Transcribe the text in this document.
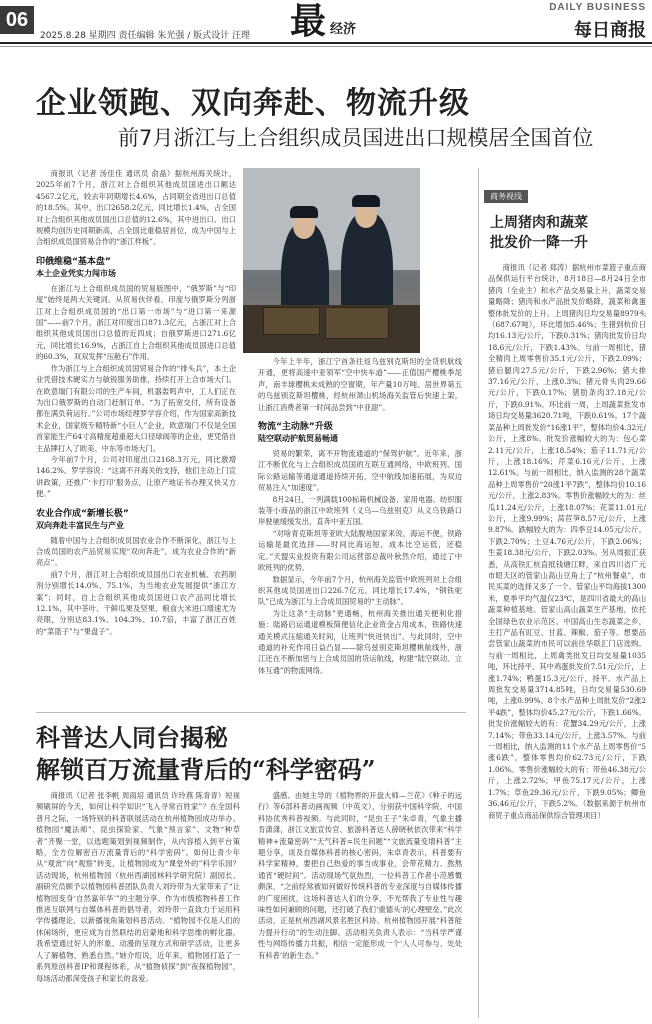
06
2025.8.28 星期四 责任编辑 朱光强 / 版式设计 汪理 最 经济
DAILY BUSINESS
每日商报
企业领跑、双向奔赴、物流升级
前7月浙江与上合组织成员国进出口规模居全国首位

商报讯（记者 汤佳佳 通讯员 俞晶）据杭州海关统计，2025年前7个月，浙江对上合组织其他成员国进出口额达4567.2亿元，较去年同期增长4.6%，占同期全省进出口总值的18.5%。其中，出口2658.2亿元，同比增长1.4%，占全国对上合组织其他成员国出口总值的12.6%，其中进出口、出口规模均创历史同期新高，占全国比重稳居首位，成为中国与上合组织成员国贸易合作的“浙江样板”。

印俄维稳“基本盘”
本土企业凭实力闯市场

在浙江与上合组织成员国的贸易版图中，“俄罗斯”与“印度”始终是两大关键词。从贸易伙伴看，印度与俄罗斯分列浙江对上合组织成员国的“出口第一市场”与“进口第一来源国”——前7个月，浙江对印度出口871.3亿元，占浙江对上合组织其他成员国出口总值的近四成；自俄罗斯进口271.6亿元，同比增长16.9%，占浙江自上合组织其他成员国进口总值的60.3%，双双发挥“压舱石”作用。

作为浙江与上合组织成员国贸易合作的“排头兵”，本土企业凭借技术硬实力与敏锐服务助推，持续打开上合市场大门。在欧意瑞门有限公司的生产车间，机器轰鸣声中，工人们正在为出口俄罗斯的自动门赶制订单。“为了拓宽交付，所有设备都在满负荷运行。”公司市场经理罗学容介绍，作为国家高新技术企业，国家级专精特新“小巨人”企业，欧意瑞门不仅是全国首家能生产64寸高精度超重超大口径球阀等的企业，更凭借自主品牌打入了欧美、中东等市场大门。

今年前7个月，公司对印度出口2168.3万元，同比激增146.2%。罗学容说：“这离不开海关的支持，他们主动上门宣讲政策，还推广‘卡打印’服务点，让原产地证书办理又快又方便。”

农业合作成“新增长极”
双向奔赴丰富民生与产业

随着中国与上合组织成员国农业合作不断深化，浙江与上合成员国的农产品贸易实现“双向奔赴”，成为农业合作的“新亮点”。

前7个月，浙江对上合组织成员国出口农业机械、农药制剂分别增长14.0%、75.1%，为当地农业发展提供“浙江方案”；同时，自上合组织其他成员国进口农产品同比增长12.1%，其中茶叶、干鲜瓜果及坚果、粮食大米进口增速尤为亮眼，分别达83.1%、104.3%、10.7倍，丰富了浙江百姓的“菜篮子”与“果盘子”。

今年上半年，浙江宁首条往返乌兹别克斯坦的全货机航线开通，更将高速中亚领军“空中快车道”——正值国产樱桃季尾声，南丰球樱桃未成熟的空窗期，年产量10万吨、居世界第五的乌兹别克斯坦樱桃，经杭州萧山机场海关监管后快速上架，让浙江消费者第一时间品尝到“中亚甜”。

物流“主动脉”升级
陆空联动护航贸易畅通

贸易的繁荣，离不开物流通道的“保驾护航”。近年来，浙江不断优化与上合组织成员国的互联互通网络，中欧班列、国际公路运输等通道通道持续开拓，空中航线加速拓展，为双边贸易注入“加速度”。

8月24日，一列满载100标箱机械设备、家用电器、纺织服装等小商品的浙江中欧班列（义乌—乌兹别克）从义乌铁路口岸驶驰缓缓发出，直奔中亚五国。

“对啥青克斯坦等亚欧大陆腹地国家来说，海运不便，铁路运输是最优选择——时间比海运短，成本比空运低，还稳定。”天盟实业投资有限公司运营部总裁叶秋然介绍，通过了中欧班列的优势。

数据显示，今年前7个月，杭州海关监管中欧班列对上合组织其他成员国进出口226.7亿元，同比增长17.4%，“钢铁驼队”已成为浙江与上合成员国贸易的“主动脉”。

为让这条“主动脉”更通畅，杭州海关推出通关便利化措施：陆路启运通道模板简便信化企业资金占用成本，铁路快速通关模式压缩通关时间，让班列“快进快出”。与此同时，空中通道的补充作用日益凸显——除乌兹别克斯坦樱桃航线外，浙江还在不断加密与上合成员国的货运航线，构建“陆空联动、立体互通”的物流网络。

科普达人同台揭秘
解锁百万流量背后的“科学密码”

商报讯（记者 张李帆 周雨培 通讯员 许玲燕 陈青青）短视频刷屏的今天，如何让科学知识“飞入寻常百姓家”？在全国科普月之际，一场特别的科普联展活动在杭州植物园成功举办。植物园“魔法师”、昆虫探险家、气象“预言家”、文物“种草者”齐聚一堂，以选题策划到视频制作，从内容植入到平台策略，全方位解密百万流量背后的“科学密码”。如何让青少年从“观赏”向“观察”转变，让植物园成为“课堂外的”科学乐园？活动现场，杭州植物园（杭州西湖园林科学研究院）副园长、副研究员顾予以植物园科普团队负责人刘玲带为大家带来了“让植物园变身‘自然嘉年华’”的主题分享。作为市级植物科普工作推进互联网与自媒体科普的倡导者，刘玲带一直致力于运用科学传播理论，以新播视角策划科普活动。“植物园不仅是人们的休闲场所，更应成为自然联结的启蒙地和科学思维的孵化器。我希望通过好人的形象、动漫的呈现方式和研学活动，让更多人了解植物、熟悉自然。”她介绍说，近年来，植物园打造了一系列原创科普IP和课程体系，从“植物侦探”到“夜探植物园”，每场活动都深受孩子和家长的喜爱。

盛感。由她主导的《植物界的开盘大师—兰花》《种子的远行》等6部科普动画视频（中英文），分别获中国科学院、中国科协优秀科普视频。与此同时，“昆虫王子”朱卓青，气象主播肯潇潇，浙江文旅宣传官、旅游科普达人薛晓秋依次带来“科学精神+流量密码”“天气科普=民生问题”“文旅流量变增科普”主题分享，谈及自媒体科普的核心密码，朱卓青表示，科普要有科学家精神，要把自己热爱的事当成事业，会带花精力、熬熬通宵“硬时间”。活动现场气氛热烈，一位科普工作者小范感慨颇深，“之前经常被如何做好传统科普的专业深度与自媒体传播的广度困扰，这场科普达人们的分享，不光帮我了专业性与趣味性如何兼顾的问题，还打破了我们‘重德头’的心理壁垒。”此次活动，正是杭州西湖风景名胜区科协、杭州植物园开展“科普能力提升行动”的生动注脚。活动相关负责人表示：“当科学严谨性与网络传播力共振，相信一定能形成一个‘人人可参与、处处有科普’的新生态。”

商务视线
上周猪肉和蔬菜
批发价一降一升

商报讯（记者 郑涛）据杭州市菜篮子重点商品保供运行平台统计，8月18日—8月24日全市猪肉（全业主）和水产品交易量上升，蔬菜交易量略降；猪肉和水产品批发价略降，蔬菜和禽蛋整体批发价的上升。上周猪肉日均交易量8979头（687.67吨），环比增加5.46%；生猪到杭价日均16.13元/公斤，下跌0.31%；猪肉批发价日均18.6元/公斤，下跌1.43%。与前一周相比，猪全精肉上周零售价35.1元/公斤，下跌2.09%；猪后腿肉27.5元/公斤，下跌2.96%；猪大排37.16元/公斤，上涨0.3%；猪元骨头肉29.66元/公斤，下跌0.17%；猪肋条肉37.18元/公斤，下跌0.91%。环比前一周，上周蔬菜批发市场日均交易量3620.71吨，下跌0.61%。17个蔬菜品种上周批发价“16涨1平”，整体均价4.32元/公斤，上涨8%。批发价涨幅较大的为：包心菜2.11元/公斤，上涨18.54%；茄子11.71元/公斤，上涨18.16%；芹菜6.16元/公斤，上涨12.61%。与前一周相比，纳入监测的28个蔬菜品种上周零售价“20涨1平7跌”，整体均价10.16元/公斤，上涨2.83%。零售价涨幅较大的为：丝瓜11.24元/公斤，上涨18.07%；花菜11.01元/公斤，上涨9.99%；莴苣笋8.57元/公斤，上涨9.87%。跌幅较大的为：四季豆14.05元/公斤，下跌2.70%；土豆4.76元/公斤，下跌2.06%；生姜18.38元/公斤，下跌2.03%。另从周振汇获悉，从高铁汇杭直抵钱塘江畔，来自四川省广元市昭天区的管家山高山豆角上了“杭州餐桌”，市民买菜的选择又多了一个。管家山平均海拔1300米，夏季平均气温仅23℃，是四川省最大的高山蔬菜种植基地。管家山高山蔬菜生产基地，依托全国绿色农业示范区、中国高山生态蔬菜之乡，主打产品有豇豆、甘蓝、辣椒、茄子等。想要品尝管家山蔬菜的市民可以前往华联汇门店选购。与前一周相比，上周禽类批发日均交易量1035吨，环比持平，其中鸡蛋批发价7.51元/公斤，上涨1.74%；鸭蛋15.3元/公斤，持平。水产品上周批发交易量3714.85吨，日均交易量530.69吨，上涨0.99%。8个水产品种上周批发价“2涨2平4跌”，整体均价45.27元/公斤，下跌1.66%。批发价涨幅较大的有：花蟹34.29元/公斤，上涨7.14%；带鱼33.14元/公斤，上涨3.57%。与前一周相比，纳入监测的11个水产品上周零售价“5涨6跌”，整体零售均价62.73元/公斤，下跌1.06%。零售价涨幅较大的有：带鱼46.38元/公斤，上涨2.72%；甲鱼75.17元/公斤，上涨1.7%；草鱼29.36元/公斤，下跌9.05%；鲫鱼36.46元/公斤，下跌5.2%。（数据来源于杭州市商贸子重点商品保供综合管理项目）
